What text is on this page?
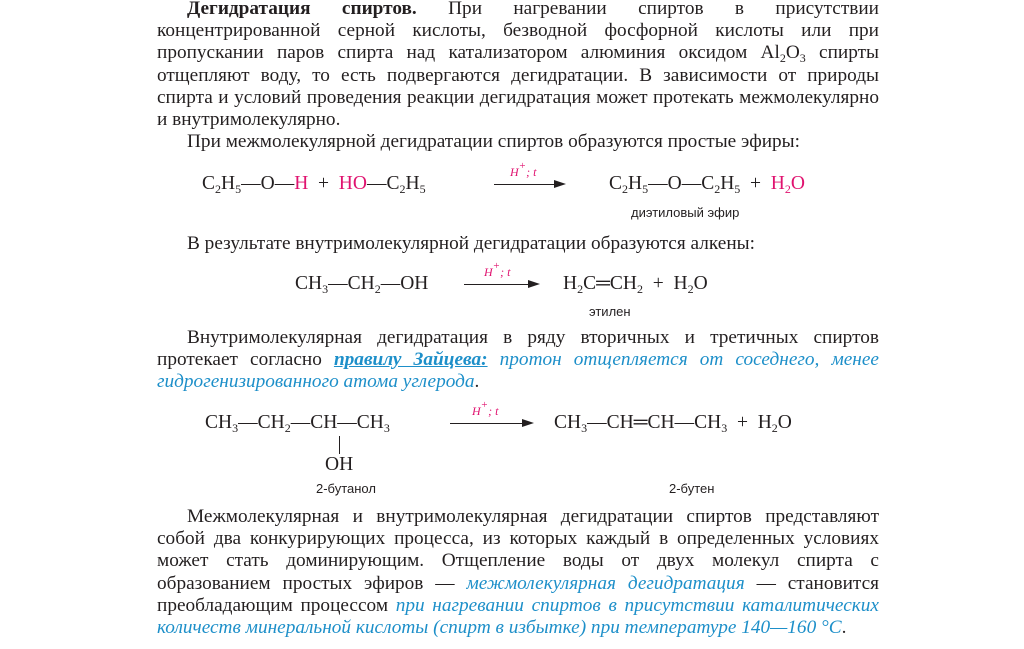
Дегидратация спиртов. При нагревании спиртов в присутствии концентрированной серной кислоты, безводной фосфорной кислоты или при пропускании паров спирта над катализатором алюминия оксидом $Al_2O_3$ спирты отщепляют воду, то есть подвергаются дегидратации. В зависимости от природы спирта и условий проведения реакции дегидратация может протекать межмолекулярно и внутримолекулярно.

При межмолекулярной дегидратации спиртов образуются простые эфиры:

$C_2H_5—O—H$ + $HO—C_2H_5$
H+; t
$C_2H_5—O—C_2H_5 + H_2O$
диэтиловый эфир

В результате внутримолекулярной дегидратации образуются алкены:

$CH_3—CH_2—OH$
H+; t
$H_2C═CH_2 + H_2O$
этилен

Внутримолекулярная дегидратация в ряду вторичных и третичных спиртов протекает согласно правилу Зайцева: протон отщепляется от соседнего, менее гидрогенизированного атома углерода.

$CH_3—CH_2—CH—CH_3$
OH
H+; t
$CH_3—CH═CH—CH_3 + H_2O$
2-бутанол	2-бутен

Межмолекулярная и внутримолекулярная дегидратации спиртов представляют собой два конкурирующих процесса, из которых каждый в определенных условиях может стать доминирующим. Отщепление воды от двух молекул спирта с образованием простых эфиров — межмолекулярная дегидратация — становится преобладающим процессом при нагревании спиртов в присутствии каталитических количеств минеральной кислоты (спирт в избытке) при температуре 140—160 °С.
